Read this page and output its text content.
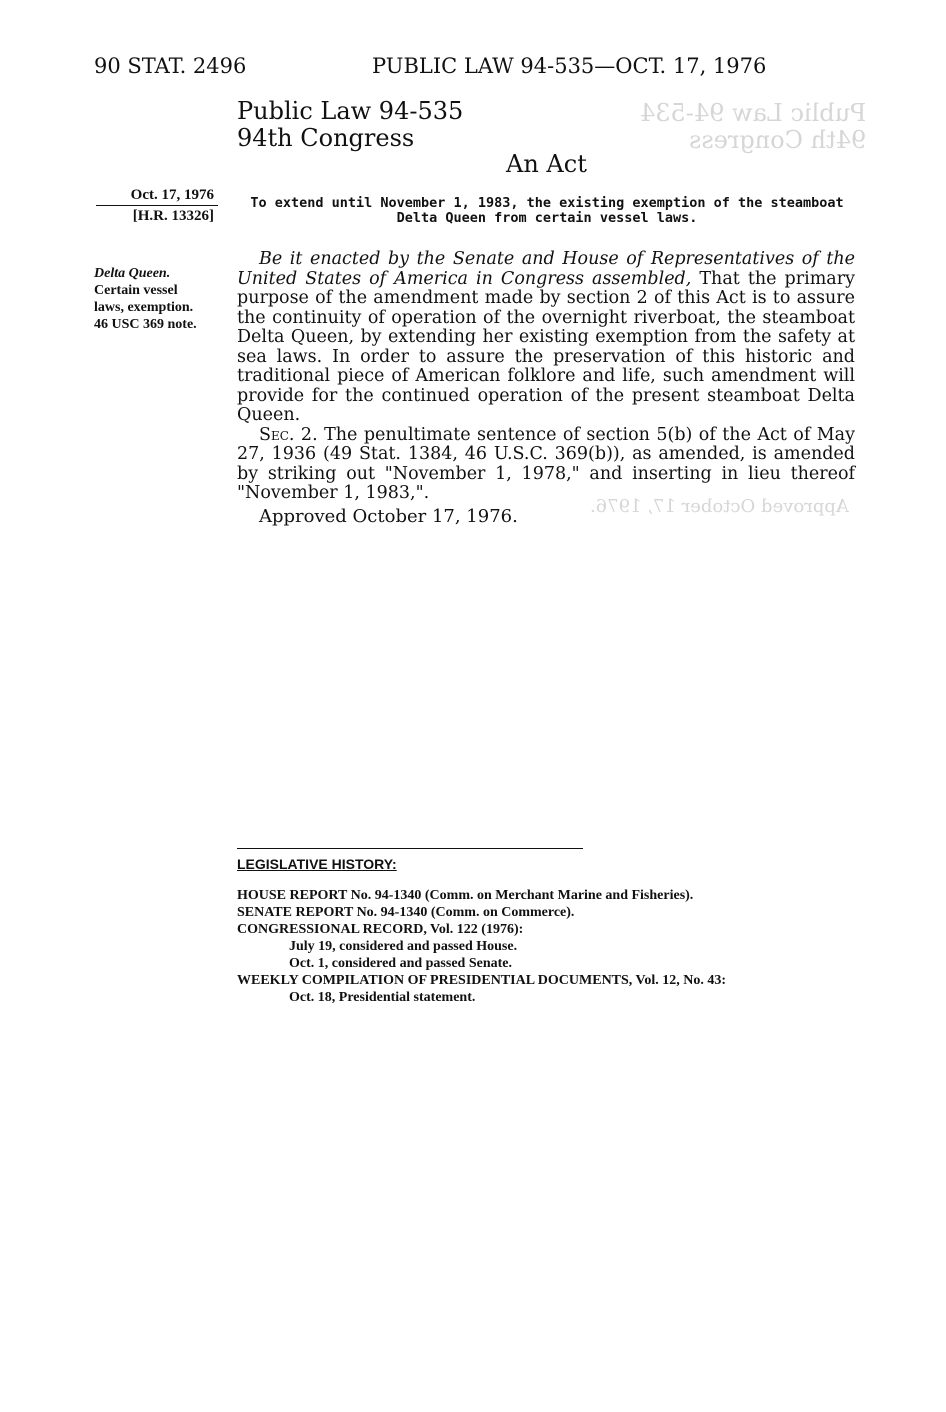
Public Law 94-534
94th Congress
Approved October 17, 1976.
90 STAT. 2496	PUBLIC LAW 94-535—OCT. 17, 1976
Public Law 94-535
94th Congress
An Act
Oct. 17, 1976
[H.R. 13326]
Delta Queen.
Certain vessel
laws, exemption.
46 USC 369 note.
To extend until November 1, 1983, the existing exemption of the steamboat Delta Queen from certain vessel laws.

Be it enacted by the Senate and House of Representatives of the United States of America in Congress assembled, That the primary purpose of the amendment made by section 2 of this Act is to assure the continuity of operation of the overnight riverboat, the steamboat Delta Queen, by extending her existing exemption from the safety at sea laws. In order to assure the preservation of this historic and traditional piece of American folklore and life, such amendment will provide for the continued operation of the present steamboat Delta Queen.

Sec. 2. The penultimate sentence of section 5(b) of the Act of May 27, 1936 (49 Stat. 1384, 46 U.S.C. 369(b)), as amended, is amended by striking out "November 1, 1978," and inserting in lieu thereof "November 1, 1983,".

Approved October 17, 1976.
LEGISLATIVE HISTORY:
HOUSE REPORT No. 94-1340 (Comm. on Merchant Marine and Fisheries).
SENATE REPORT No. 94-1340 (Comm. on Commerce).
CONGRESSIONAL RECORD, Vol. 122 (1976):
July 19, considered and passed House.
Oct. 1, considered and passed Senate.
WEEKLY COMPILATION OF PRESIDENTIAL DOCUMENTS, Vol. 12, No. 43:
Oct. 18, Presidential statement.
